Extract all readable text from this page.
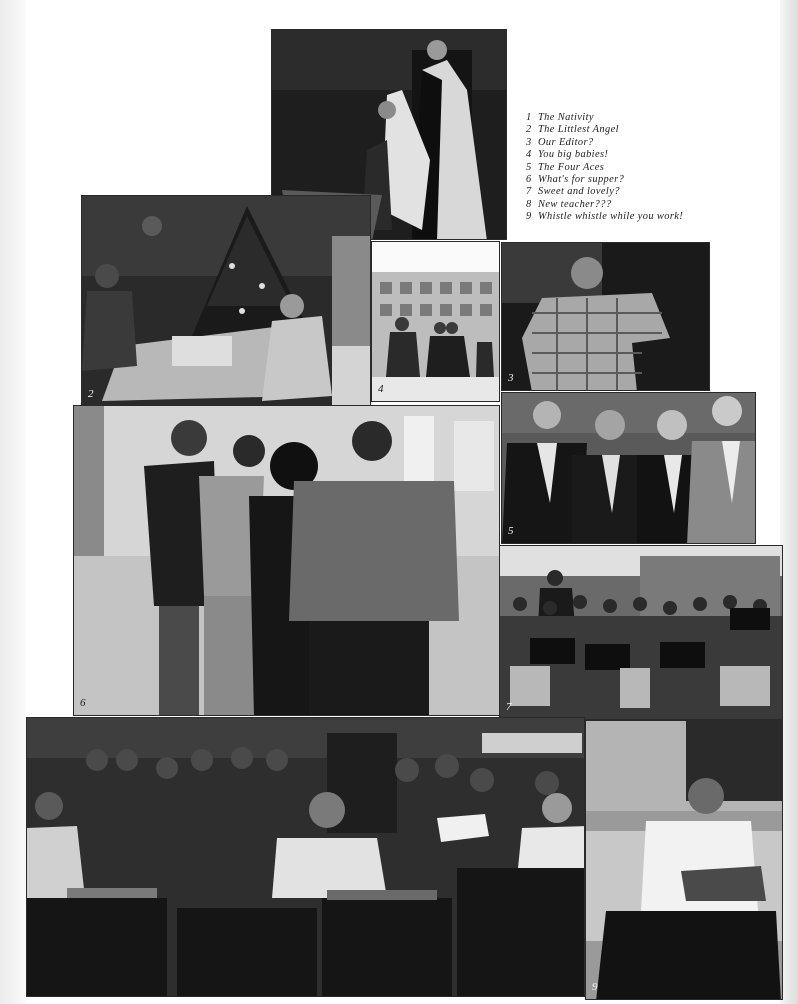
1 The Nativity
2 The Littlest Angel
3 Our Editor?
4 You big babies!
5 The Four Aces
6 What's for supper?
7 Sweet and lovely?
8 New teacher???
9 Whistle whistle while you work!
2	4
3
6
5
7
9
